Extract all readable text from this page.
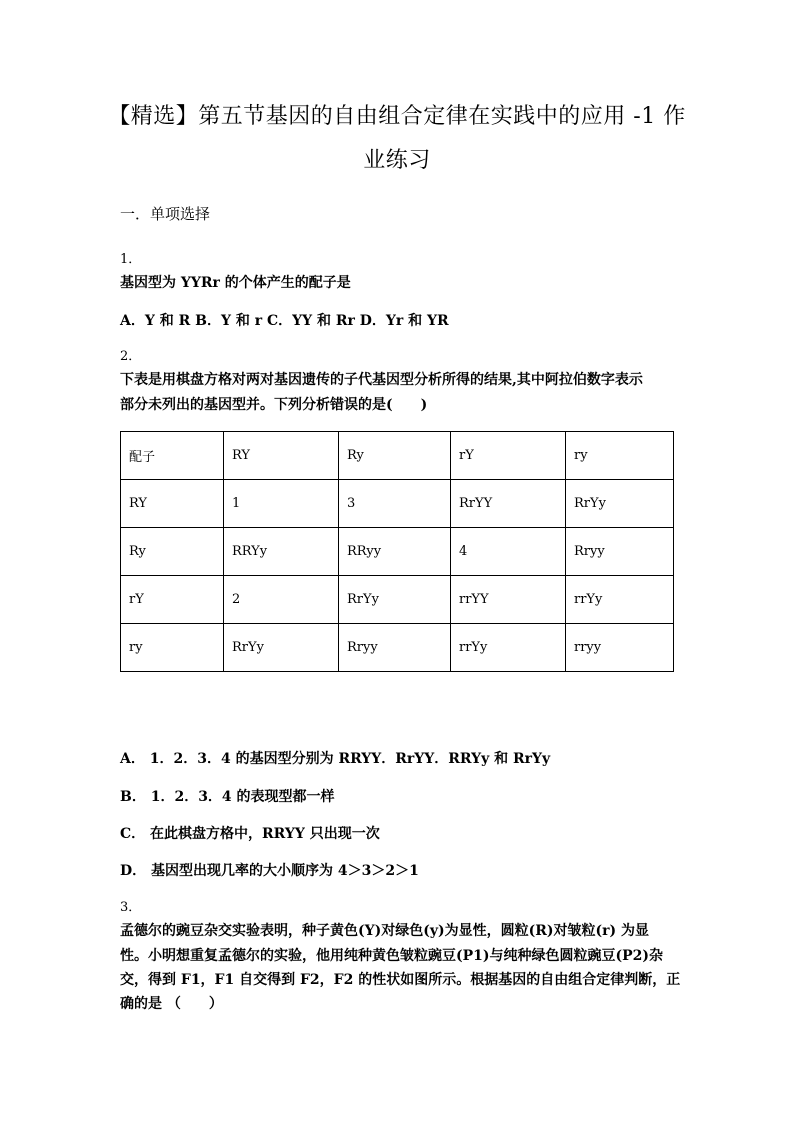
【精选】第五节基因的自由组合定律在实践中的应用 -1 作
业练习
一．单项选择
1．
基因型为 YYRr 的个体产生的配子是
A．Y 和 R B．Y 和 r C．YY 和 Rr D．Yr 和 YR
2．
下表是用棋盘方格对两对基因遗传的子代基因型分析所得的结果,其中阿拉伯数字表示
部分未列出的基因型并。下列分析错误的是(　　)
配子	RY	Ry	rY	ry
RY	1	3	RrYY	RrYy
Ry	RRYy	RRyy	4	Rryy
rY	2	RrYy	rrYY	rrYy
ry	RrYy	Rryy	rrYy	rryy
A． 1．2．3．4 的基因型分别为 RRYY．RrYY．RRYy 和 RrYy
B． 1．2．3．4 的表现型都一样
C． 在此棋盘方格中，RRYY 只出现一次
D． 基因型出现几率的大小顺序为 4＞3＞2＞1
3．
孟德尔的豌豆杂交实验表明，种子黄色(Y)对绿色(y)为显性，圆粒(R)对皱粒(r) 为显
性。小明想重复孟德尔的实验，他用纯种黄色皱粒豌豆(P1)与纯种绿色圆粒豌豆(P2)杂
交，得到 F1，F1 自交得到 F2，F2 的性状如图所示。根据基因的自由组合定律判断，正
确的是 （　　）
